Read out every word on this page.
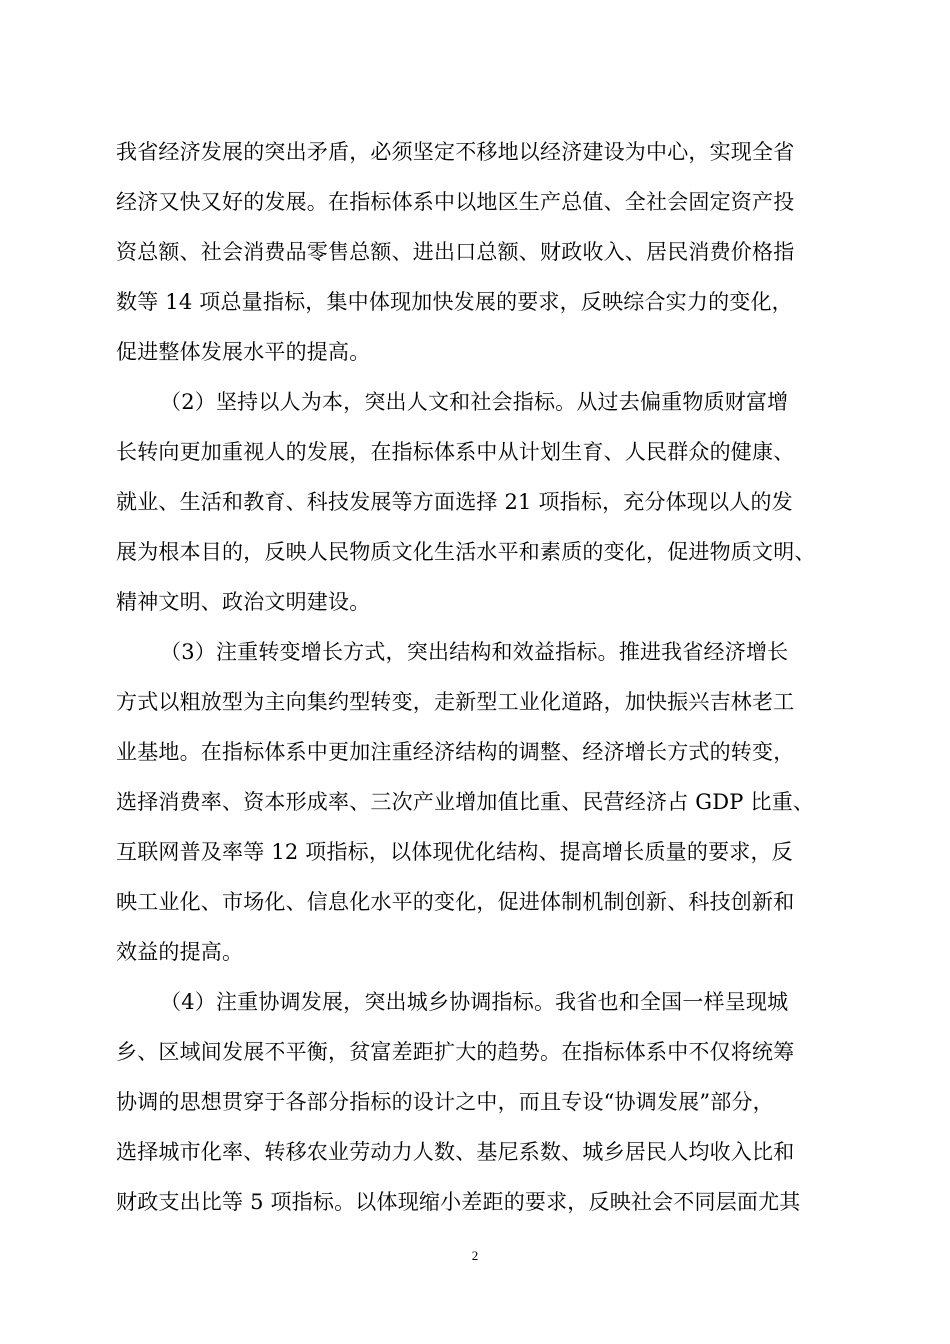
我省经济发展的突出矛盾，必须坚定不移地以经济建设为中心，实现全省
经济又快又好的发展。在指标体系中以地区生产总值、全社会固定资产投
资总额、社会消费品零售总额、进出口总额、财政收入、居民消费价格指
数等 14 项总量指标，集中体现加快发展的要求，反映综合实力的变化，
促进整体发展水平的提高。
（2）坚持以人为本，突出人文和社会指标。从过去偏重物质财富增
长转向更加重视人的发展，在指标体系中从计划生育、人民群众的健康、
就业、生活和教育、科技发展等方面选择 21 项指标，充分体现以人的发
展为根本目的，反映人民物质文化生活水平和素质的变化，促进物质文明、
精神文明、政治文明建设。
（3）注重转变增长方式，突出结构和效益指标。推进我省经济增长
方式以粗放型为主向集约型转变，走新型工业化道路，加快振兴吉林老工
业基地。在指标体系中更加注重经济结构的调整、经济增长方式的转变，
选择消费率、资本形成率、三次产业增加值比重、民营经济占 GDP 比重、
互联网普及率等 12 项指标，以体现优化结构、提高增长质量的要求，反
映工业化、市场化、信息化水平的变化，促进体制机制创新、科技创新和
效益的提高。
（4）注重协调发展，突出城乡协调指标。我省也和全国一样呈现城
乡、区域间发展不平衡，贫富差距扩大的趋势。在指标体系中不仅将统筹
协调的思想贯穿于各部分指标的设计之中，而且专设“协调发展”部分，
选择城市化率、转移农业劳动力人数、基尼系数、城乡居民人均收入比和
财政支出比等 5 项指标。以体现缩小差距的要求，反映社会不同层面尤其
2
